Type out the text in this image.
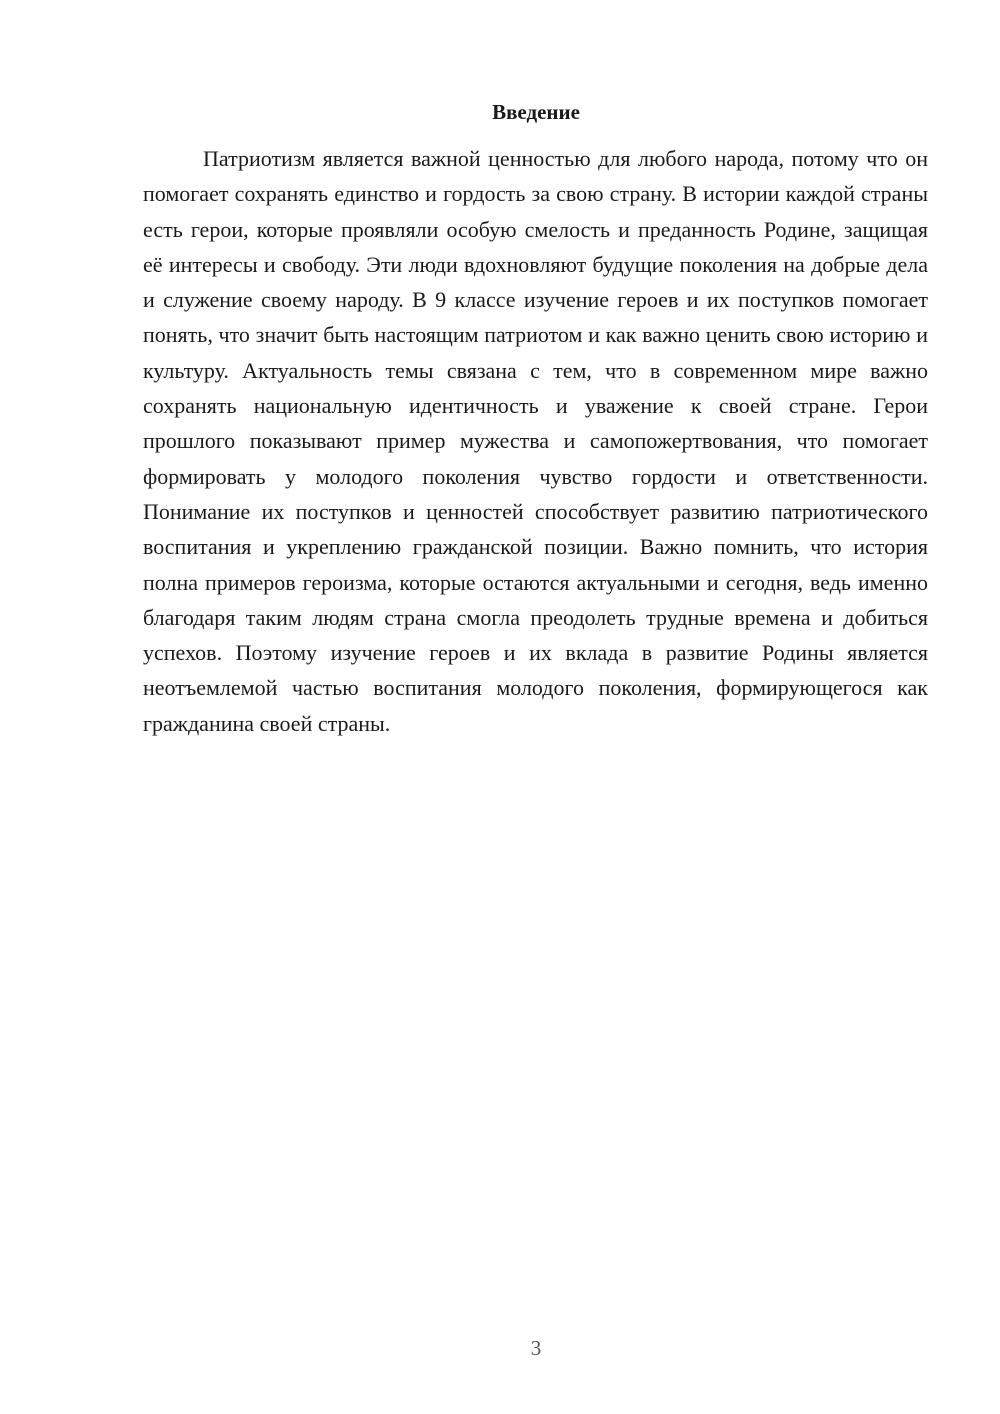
Введение

Патриотизм является важной ценностью для любого народа, потому что он помогает сохранять единство и гордость за свою страну. В истории каждой страны есть герои, которые проявляли особую смелость и преданность Родине, защищая её интересы и свободу. Эти люди вдохновляют будущие поколения на добрые дела и служение своему народу. В 9 классе изучение героев и их поступков помогает понять, что значит быть настоящим патриотом и как важно ценить свою историю и культуру. Актуальность темы связана с тем, что в современном мире важно сохранять национальную идентичность и уважение к своей стране. Герои прошлого показывают пример мужества и самопожертвования, что помогает формировать у молодого поколения чувство гордости и ответственности. Понимание их поступков и ценностей способствует развитию патриотического воспитания и укреплению гражданской позиции. Важно помнить, что история полна примеров героизма, которые остаются актуальными и сегодня, ведь именно благодаря таким людям страна смогла преодолеть трудные времена и добиться успехов. Поэтому изучение героев и их вклада в развитие Родины является неотъемлемой частью воспитания молодого поколения, формирующегося как гражданина своей страны.

3
